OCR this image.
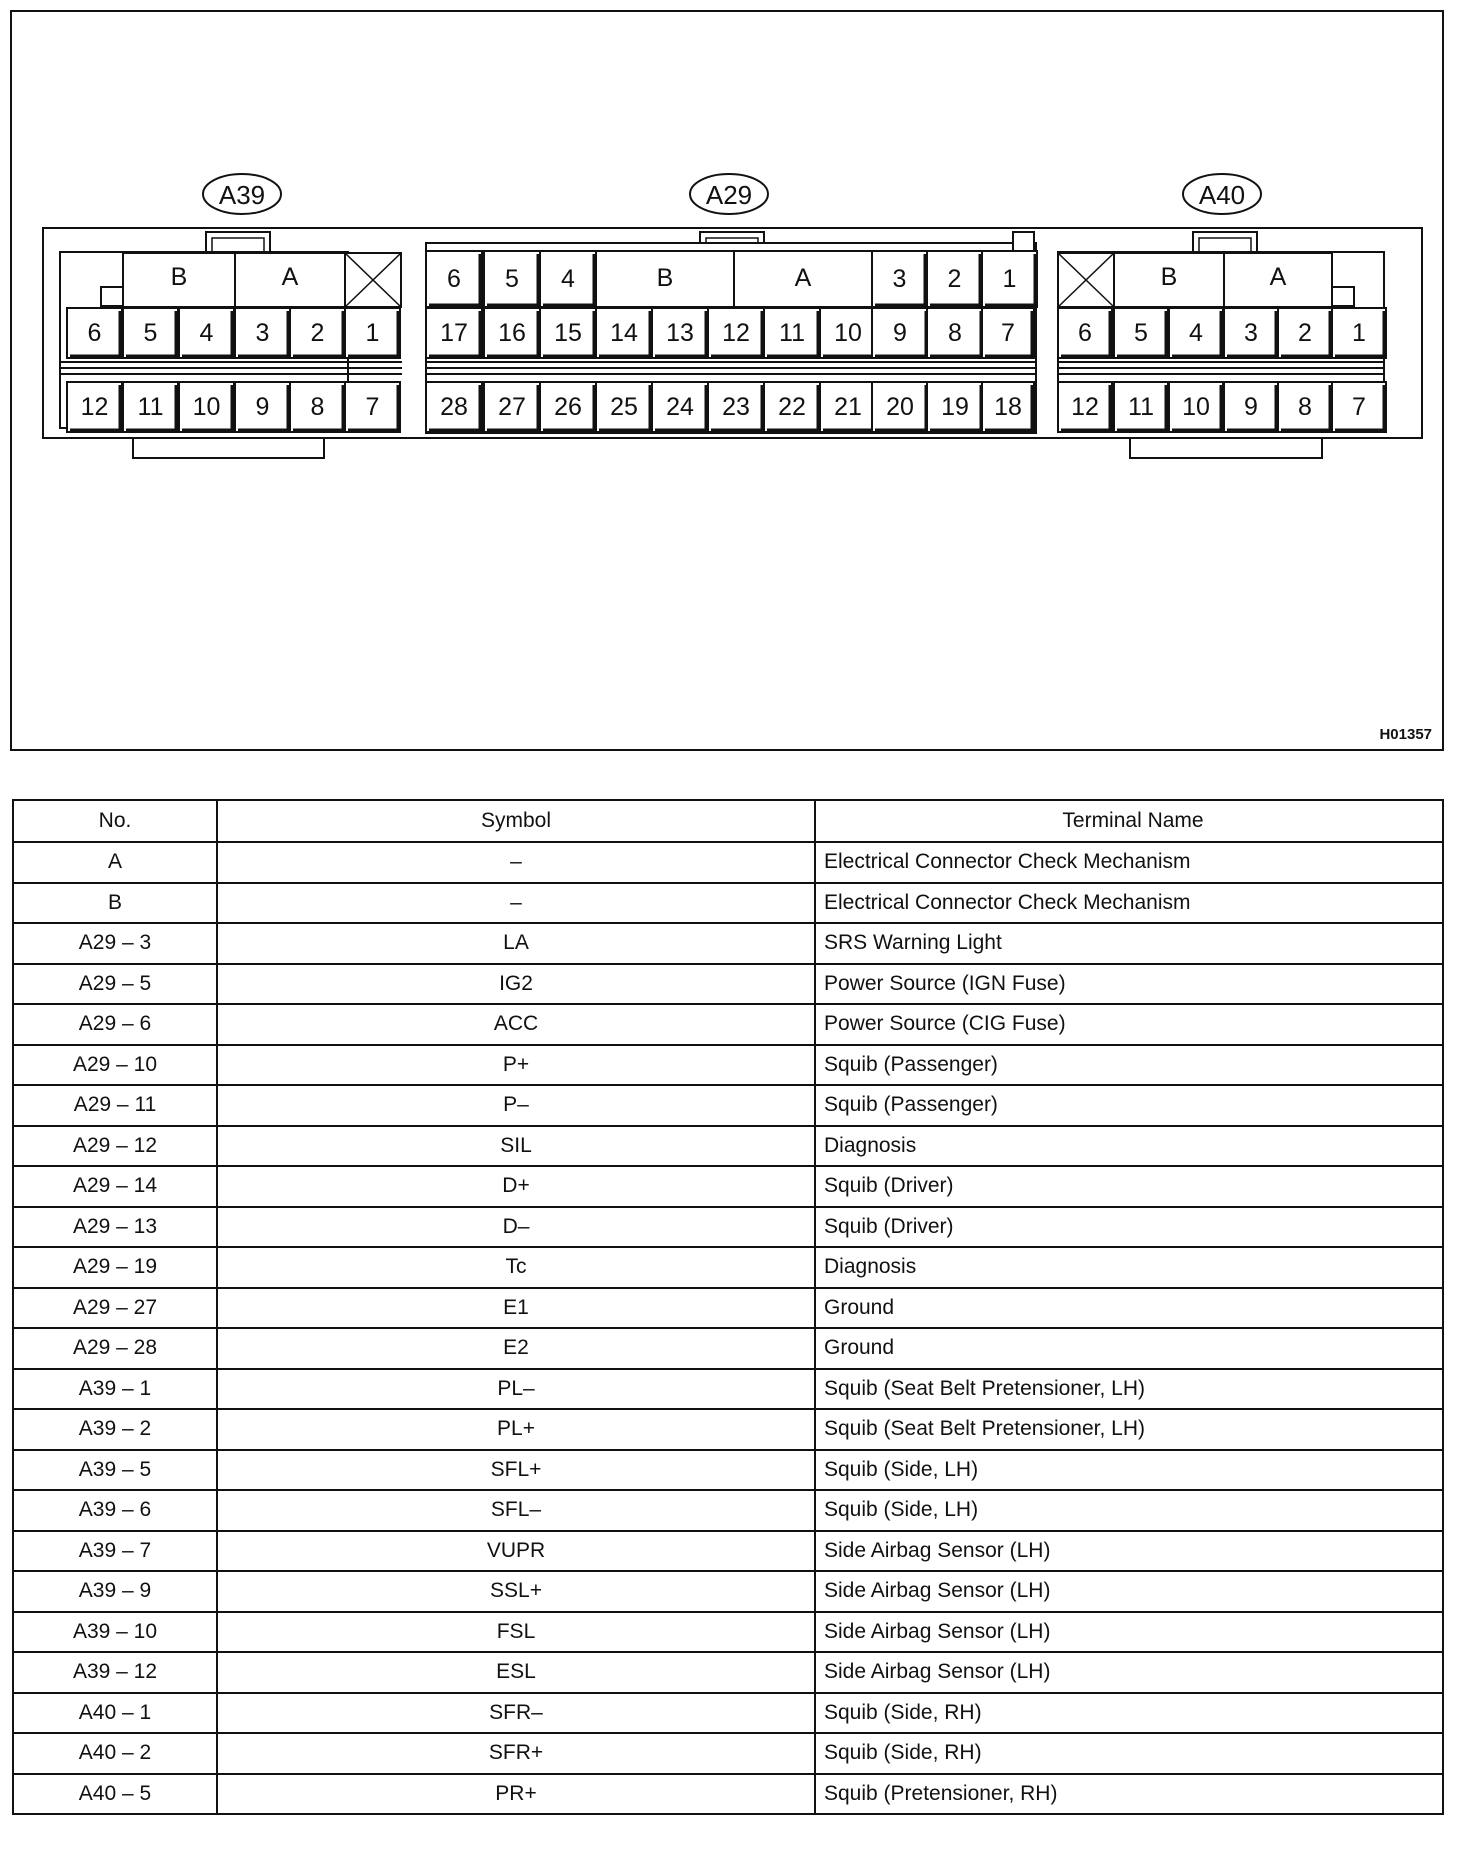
A39
B	A
6 5 4 3 2 1
12 11 10 9 8 7
A29
6 5 4	B	A	3 2 1
17 16 15 14 13 12 11 10 9 8 7
28 27 26 25 24 23 22 21 20 19 18
A40
B	A
6 5 4 3 2 1
12 11 10 9 8 7
H01357
No.	Symbol	Terminal Name
A	–	Electrical Connector Check Mechanism
B	–	Electrical Connector Check Mechanism
A29 – 3	LA	SRS Warning Light
A29 – 5	IG2	Power Source (IGN Fuse)
A29 – 6	ACC	Power Source (CIG Fuse)
A29 – 10	P+	Squib (Passenger)
A29 – 11	P–	Squib (Passenger)
A29 – 12	SIL	Diagnosis
A29 – 14	D+	Squib (Driver)
A29 – 13	D–	Squib (Driver)
A29 – 19	Tc	Diagnosis
A29 – 27	E1	Ground
A29 – 28	E2	Ground
A39 – 1	PL–	Squib (Seat Belt Pretensioner, LH)
A39 – 2	PL+	Squib (Seat Belt Pretensioner, LH)
A39 – 5	SFL+	Squib (Side, LH)
A39 – 6	SFL–	Squib (Side, LH)
A39 – 7	VUPR	Side Airbag Sensor (LH)
A39 – 9	SSL+	Side Airbag Sensor (LH)
A39 – 10	FSL	Side Airbag Sensor (LH)
A39 – 12	ESL	Side Airbag Sensor (LH)
A40 – 1	SFR–	Squib (Side, RH)
A40 – 2	SFR+	Squib (Side, RH)
A40 – 5	PR+	Squib (Pretensioner, RH)
